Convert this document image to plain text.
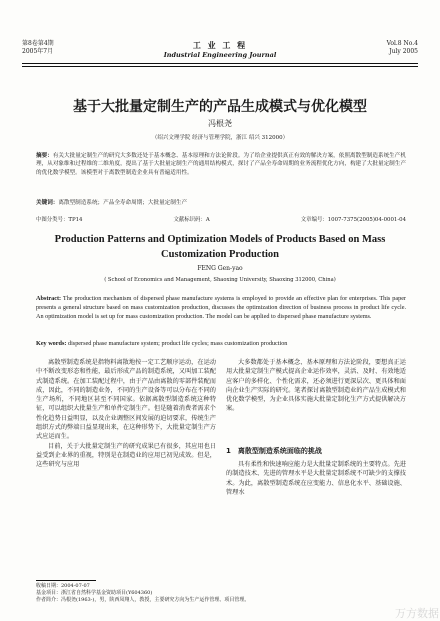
第8卷第4期
2005年7月
工 业 工 程
Industrial Engineering Journal
Vol.8 No.4
July 2005
基于大批量定制生产的产品生成模式与优化模型
冯根尧
（绍兴文理学院 经济与管理学院，浙江 绍兴 312000）
摘要：有关大批量定制生产的研究大多数还处于基本概念、基本原理和方法论阶段。为了给企业提供真正有效的解决方案，依照离散型制造系统生产机理，从对象维和过程维的二维角度，提出了基于大批量定制生产的通用结构模式，探讨了产品全寿命周期的业务流程优化方向，构建了大批量定制生产的优化数学模型。该模型对于离散型制造企业具有普遍适用性。
关键词：离散型制造系统；产品全寿命周期；大批量定制生产
中图分类号：TP14	文献标识码：A	文章编号：1007-7375(2005)04-0001-04
Production Patterns and Optimization Models of Products Based on Mass Customization Production
FENG Gen-yao
( School of Economics and Management, Shaoxing University, Shaoxing 312000, China)
Abstract: The production mechanism of dispersed phase manufacture systems is employed to provide an effective plan for enterprises. This paper presents a general structure based on mass customization production, discusses the optimization direction of business process in product life cycle. An optimization model is set up for mass customization production. The model can be applied to dispersed phase manufacture systems.
Key words: dispersed phase manufacture system; product life cycles; mass customization production

离散型制造系统是指物料离散地按一定工艺顺序运动，在运动中不断改变形态和性能，最后形成产品的制造系统，又叫加工装配式制造系统。在加工装配过程中，由于产品由离散的零部件装配而成，因此，不同的制造业务，不同的生产设备等可以分布在不同的生产场所，不同地区甚至不同国家。依据离散型制造系统这种特征，可以组织大批量生产和单件定制生产。但是随着消费者需求个性化趋势日益明显，以及企业调整区间发展的迫切要求，传统生产组织方式的弊端日益显现出来，在这种形势下，大批量定制生产方式应运而生。

目前，关于大批量定制生产的研究成果已有很多，其应用也日益受到企业界的重视，特别是在制造业的应用已初见成效。但是，这些研究与应用

大多数都处于基本概念、基本原理和方法论阶段，要想真正运用大批量定制生产模式提高企业运作效率，灵活、及时、有效地适应客户的多样化、个性化需求，还必须进行更深层次、更具体和面向企业生产实际的研究。笔者探讨离散型制造业的产品生成模式和优化数学模型，为企业具体实施大批量定制化生产方式提供解决方案。

1　离散型制造系统面临的挑战

具有柔性和快速响应能力是大批量定制系统的主要特点。先进的制造技术、先进的管理水平是大批量定制系统不可缺少的支撑技术。为此，离散型制造系统在应变能力、信息化水平、基础设施、管理水

收稿日期：2004-07-07
基金项目：浙江省自然科学基金资助项目(Y604360)
作者简介：冯根尧(1963-)，男，陕西凤翔人，教授，主要研究方向为生产运作管理、项目管理。
万方数据
